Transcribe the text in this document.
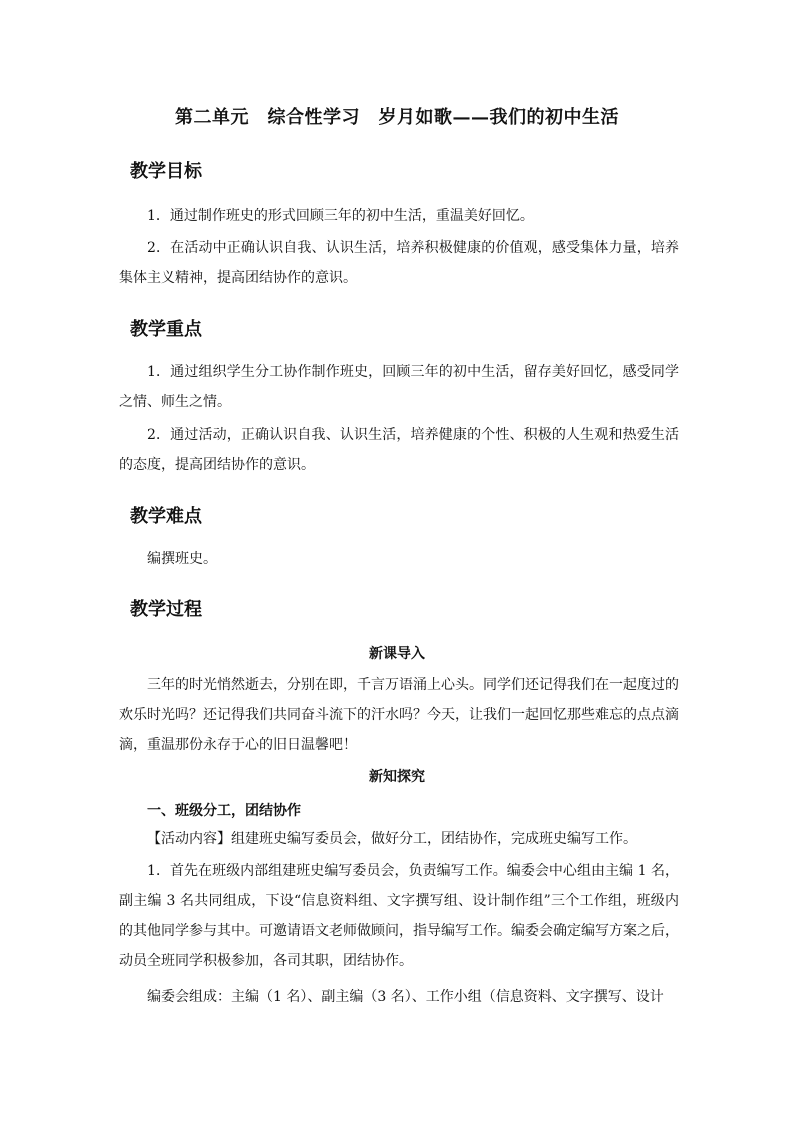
第二单元　综合性学习　岁月如歌——我们的初中生活
教学目标
1．通过制作班史的形式回顾三年的初中生活，重温美好回忆。
2．在活动中正确认识自我、认识生活，培养积极健康的价值观，感受集体力量，培养集体主义精神，提高团结协作的意识。
教学重点
1．通过组织学生分工协作制作班史，回顾三年的初中生活，留存美好回忆，感受同学之情、师生之情。
2．通过活动，正确认识自我、认识生活，培养健康的个性、积极的人生观和热爱生活的态度，提高团结协作的意识。
教学难点
编撰班史。
教学过程
新课导入
三年的时光悄然逝去，分别在即，千言万语涌上心头。同学们还记得我们在一起度过的欢乐时光吗？还记得我们共同奋斗流下的汗水吗？今天，让我们一起回忆那些难忘的点点滴滴，重温那份永存于心的旧日温馨吧！
新知探究
一、班级分工，团结协作
【活动内容】组建班史编写委员会，做好分工，团结协作，完成班史编写工作。
1．首先在班级内部组建班史编写委员会，负责编写工作。编委会中心组由主编 1 名，副主编 3 名共同组成，下设“信息资料组、文字撰写组、设计制作组”三个工作组，班级内的其他同学参与其中。可邀请语文老师做顾问，指导编写工作。编委会确定编写方案之后，动员全班同学积极参加，各司其职，团结协作。
编委会组成：主编（1 名）、副主编（3 名）、工作小组（信息资料、文字撰写、设计
